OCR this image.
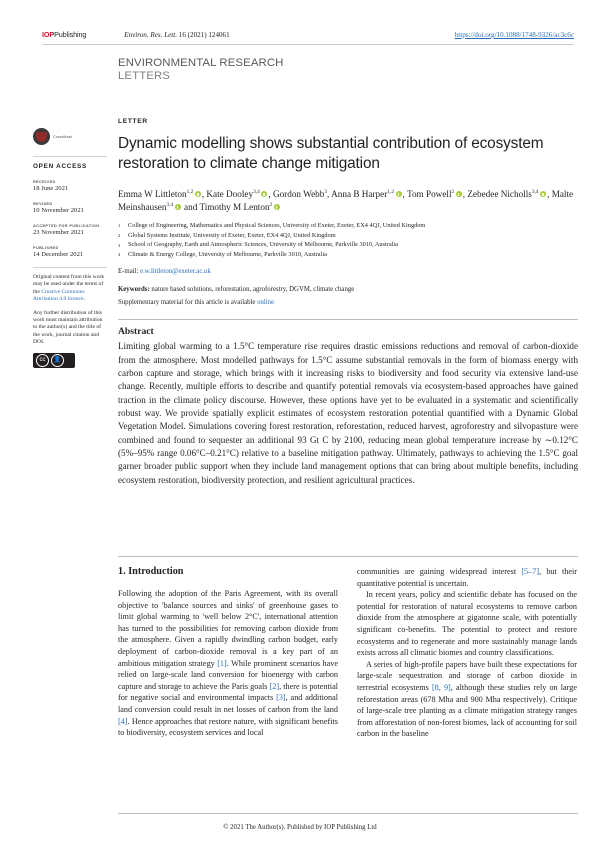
IOPPublishing	Environ. Res. Lett. 16 (2021) 124061	https://doi.org/10.1088/1748-9326/ac3c6c
ENVIRONMENTAL RESEARCH
LETTERS
CrossMark
OPEN ACCESS
RECEIVED
18 June 2021
REVISED
10 November 2021
ACCEPTED FOR PUBLICATION
23 November 2021
PUBLISHED
14 December 2021

Original content from this work may be used under the terms of the Creative Commons Attribution 4.0 licence.

Any further distribution of this work must maintain attribution to the author(s) and the title of the work, journal citation and DOI.

cc	👤
LETTER
Dynamic modelling shows substantial contribution of ecosystem restoration to climate change mitigation
Emma W Littleton$^{1,2}$ , Kate Dooley$^{3,4}$ , Gordon Webb$^3$, Anna B Harper$^{1,2}$ , Tom Powell$^2$ , Zebedee Nicholls$^{3,4}$ , Malte Meinshausen$^{3,4}$ and Timothy M Lenton$^2$
1	College of Engineering, Mathematics and Physical Sciences, University of Exeter, Exeter, EX4 4QJ, United Kingdom
2	Global Systems Institute, University of Exeter, Exeter, EX4 4QJ, United Kingdom
3	School of Geography, Earth and Atmospheric Sciences, University of Melbourne, Parkville 3010, Australia
4	Climate & Energy College, University of Melbourne, Parkville 3010, Australia
E-mail: e.w.littleton@exeter.ac.uk
Keywords: nature based solutions, reforestation, agroforestry, DGVM, climate change
Supplementary material for this article is available online
Abstract

Limiting global warming to a 1.5°C temperature rise requires drastic emissions reductions and removal of carbon-dioxide from the atmosphere. Most modelled pathways for 1.5°C assume substantial removals in the form of biomass energy with carbon capture and storage, which brings with it increasing risks to biodiversity and food security via extensive land-use change. Recently, multiple efforts to describe and quantify potential removals via ecosystem-based approaches have gained traction in the climate policy discourse. However, these options have yet to be evaluated in a systematic and scientifically robust way. We provide spatially explicit estimates of ecosystem restoration potential quantified with a Dynamic Global Vegetation Model. Simulations covering forest restoration, reforestation, reduced harvest, agroforestry and silvopasture were combined and found to sequester an additional 93 Gt C by 2100, reducing mean global temperature increase by ∼0.12°C (5%–95% range 0.06°C–0.21°C) relative to a baseline mitigation pathway. Ultimately, pathways to achieving the 1.5°C goal garner broader public support when they include land management options that can bring about multiple benefits, including ecosystem restoration, biodiversity protection, and resilient agricultural practices.

1. Introduction

Following the adoption of the Paris Agreement, with its overall objective to 'balance sources and sinks' of greenhouse gases to limit global warming to 'well below 2°C', international attention has turned to the possibilities for removing carbon dioxide from the atmosphere. Given a rapidly dwindling carbon budget, early deployment of carbon-dioxide removal is a key part of an ambitious mitigation strategy [1]. While prominent scenarios have relied on large-scale land conversion for bioenergy with carbon capture and storage to achieve the Paris goals [2], there is potential for negative social and environmental impacts [3], and additional land conversion could result in net losses of carbon from the land [4]. Hence approaches that restore nature, with significant benefits to biodiversity, ecosystem services and local

communities are gaining widespread interest [5–7], but their quantitative potential is uncertain.

In recent years, policy and scientific debate has focused on the potential for restoration of natural ecosystems to remove carbon dioxide from the atmosphere at gigatonne scale, with potentially significant co-benefits. The potential to protect and restore ecosystems and to regenerate and more sustainably manage lands exists across all climatic biomes and country classifications.

A series of high-profile papers have built these expectations for large-scale sequestration and storage of carbon dioxide in terrestrial ecosystems [8, 9], although these studies rely on large reforestation areas (678 Mha and 900 Mha respectively). Critique of large-scale tree planting as a climate mitigation strategy ranges from afforestation of non-forest biomes, lack of accounting for soil carbon in the baseline

© 2021 The Author(s). Published by IOP Publishing Ltd
